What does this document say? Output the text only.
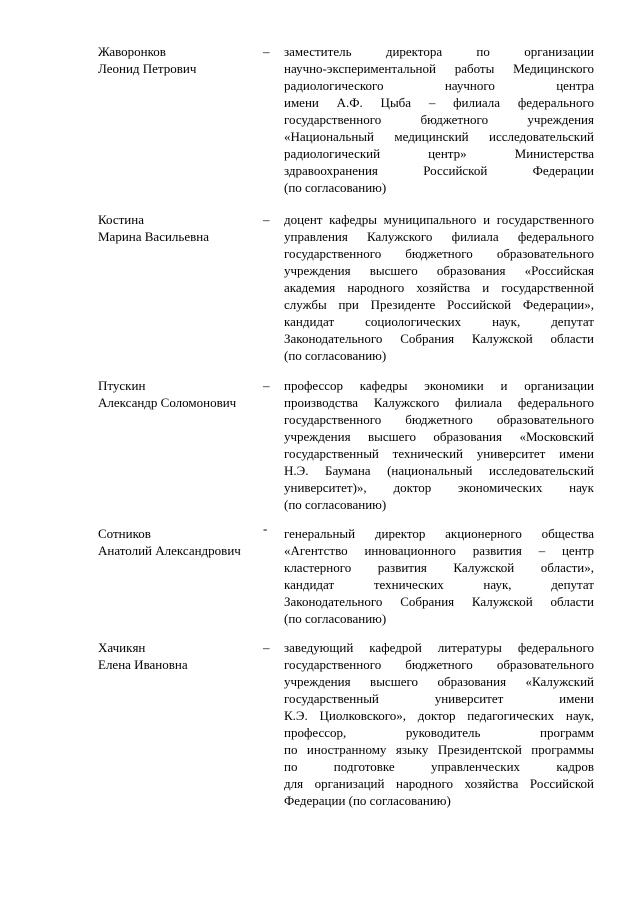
Жаворонков
Леонид Петрович
– заместитель директора по организации
научно-экспериментальной работы Медицинского
радиологического научного центра
имени А.Ф. Цыба – филиала федерального
государственного бюджетного учреждения
«Национальный медицинский исследовательский
радиологический центр» Министерства
здравоохранения Российской Федерации
(по согласованию)
Костина
Марина Васильевна
– доцент кафедры муниципального и государственного
управления Калужского филиала федерального
государственного бюджетного образовательного
учреждения высшего образования «Российская
академия народного хозяйства и государственной
службы при Президенте Российской Федерации»,
кандидат социологических наук, депутат
Законодательного Собрания Калужской области
(по согласованию)
Птускин
Александр Соломонович
– профессор кафедры экономики и организации
производства Калужского филиала федерального
государственного бюджетного образовательного
учреждения высшего образования «Московский
государственный технический университет имени
Н.Э. Баумана (национальный исследовательский
университет)», доктор экономических наук
(по согласованию)
Сотников
Анатолий Александрович
- генеральный директор акционерного общества
«Агентство инновационного развития – центр
кластерного развития Калужской области»,
кандидат технических наук, депутат
Законодательного Собрания Калужской области
(по согласованию)
Хачикян
Елена Ивановна
– заведующий кафедрой литературы федерального
государственного бюджетного образовательного
учреждения высшего образования «Калужский
государственный университет имени
К.Э. Циолковского», доктор педагогических наук,
профессор, руководитель программ
по иностранному языку Президентской программы
по подготовке управленческих кадров
для организаций народного хозяйства Российской
Федерации (по согласованию)
